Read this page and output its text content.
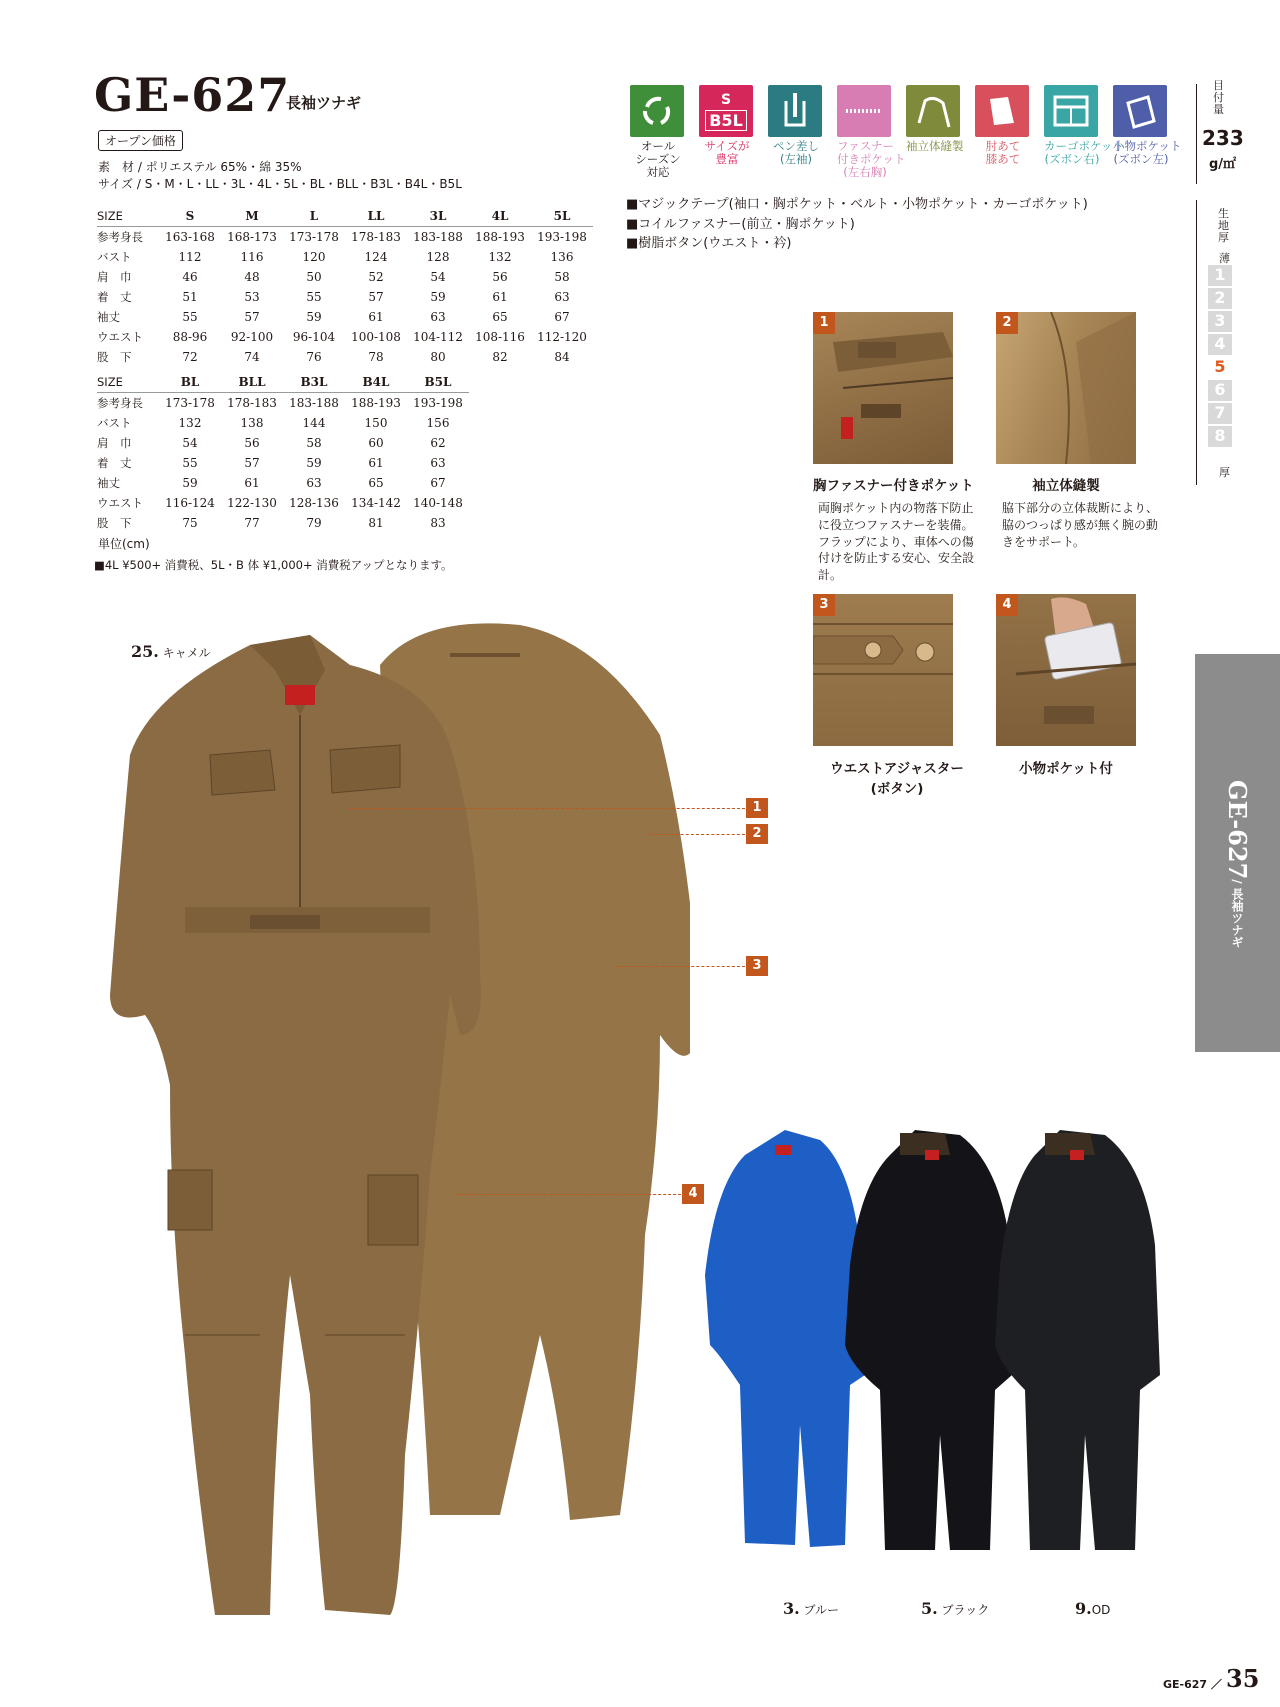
GE-627
長袖ツナギ
オープン価格
素　材 / ポリエステル 65%・綿 35%
サイズ / S・M・L・LL・3L・4L・5L・BL・BLL・B3L・B4L・B5L
SIZE	S	M	L	LL	3L	4L	5L
参考身長	163-168	168-173	173-178	178-183	183-188	188-193	193-198
バスト	112	116	120	124	128	132	136
肩　巾	46	48	50	52	54	56	58
着　丈	51	53	55	57	59	61	63
袖丈	55	57	59	61	63	65	67
ウエスト	88-96	92-100	96-104	100-108	104-112	108-116	112-120
股　下	72	74	76	78	80	82	84
SIZE	BL	BLL	B3L	B4L	B5L
参考身長	173-178	178-183	183-188	188-193	193-198
バスト	132	138	144	150	156
肩　巾	54	56	58	60	62
着　丈	55	57	59	61	63
袖丈	59	61	63	65	67
ウエスト	116-124	122-130	128-136	134-142	140-148
股　下	75	77	79	81	83
単位(cm)
■4L ¥500+ 消費税、5L・B 体 ¥1,000+ 消費税アップとなります。
オール
シーズン
対応
S
B5L
サイズが
豊富
ペン差し
(左袖)
ファスナー
付きポケット
(左右胸)
袖立体縫製	肘あて
膝あて
カーゴポケット
(ズボン右)
小物ポケット
(ズボン左)
■マジックテープ(袖口・胸ポケット・ベルト・小物ポケット・カーゴポケット)
■コイルファスナー(前立・胸ポケット)
■樹脂ボタン(ウエスト・衿)
目付量
233
g/㎡
生地厚
薄
1
2
3
4
5
6
7
8
厚
GE-627/ 長袖ツナギ
1	2
胸ファスナー付きポケット	袖立体縫製
両胸ポケット内の物落下防止に役立つファスナーを装備。フラップにより、車体への傷付けを防止する安心、安全設計。
脇下部分の立体裁断により、脇のつっぱり感が無く腕の動きをサポート。
3	4
ウエストアジャスター
(ボタン)
小物ポケット付
25. キャメル
1
2
3
4
3. ブルー	5. ブラック	9.OD
GE-627 ／ 35
